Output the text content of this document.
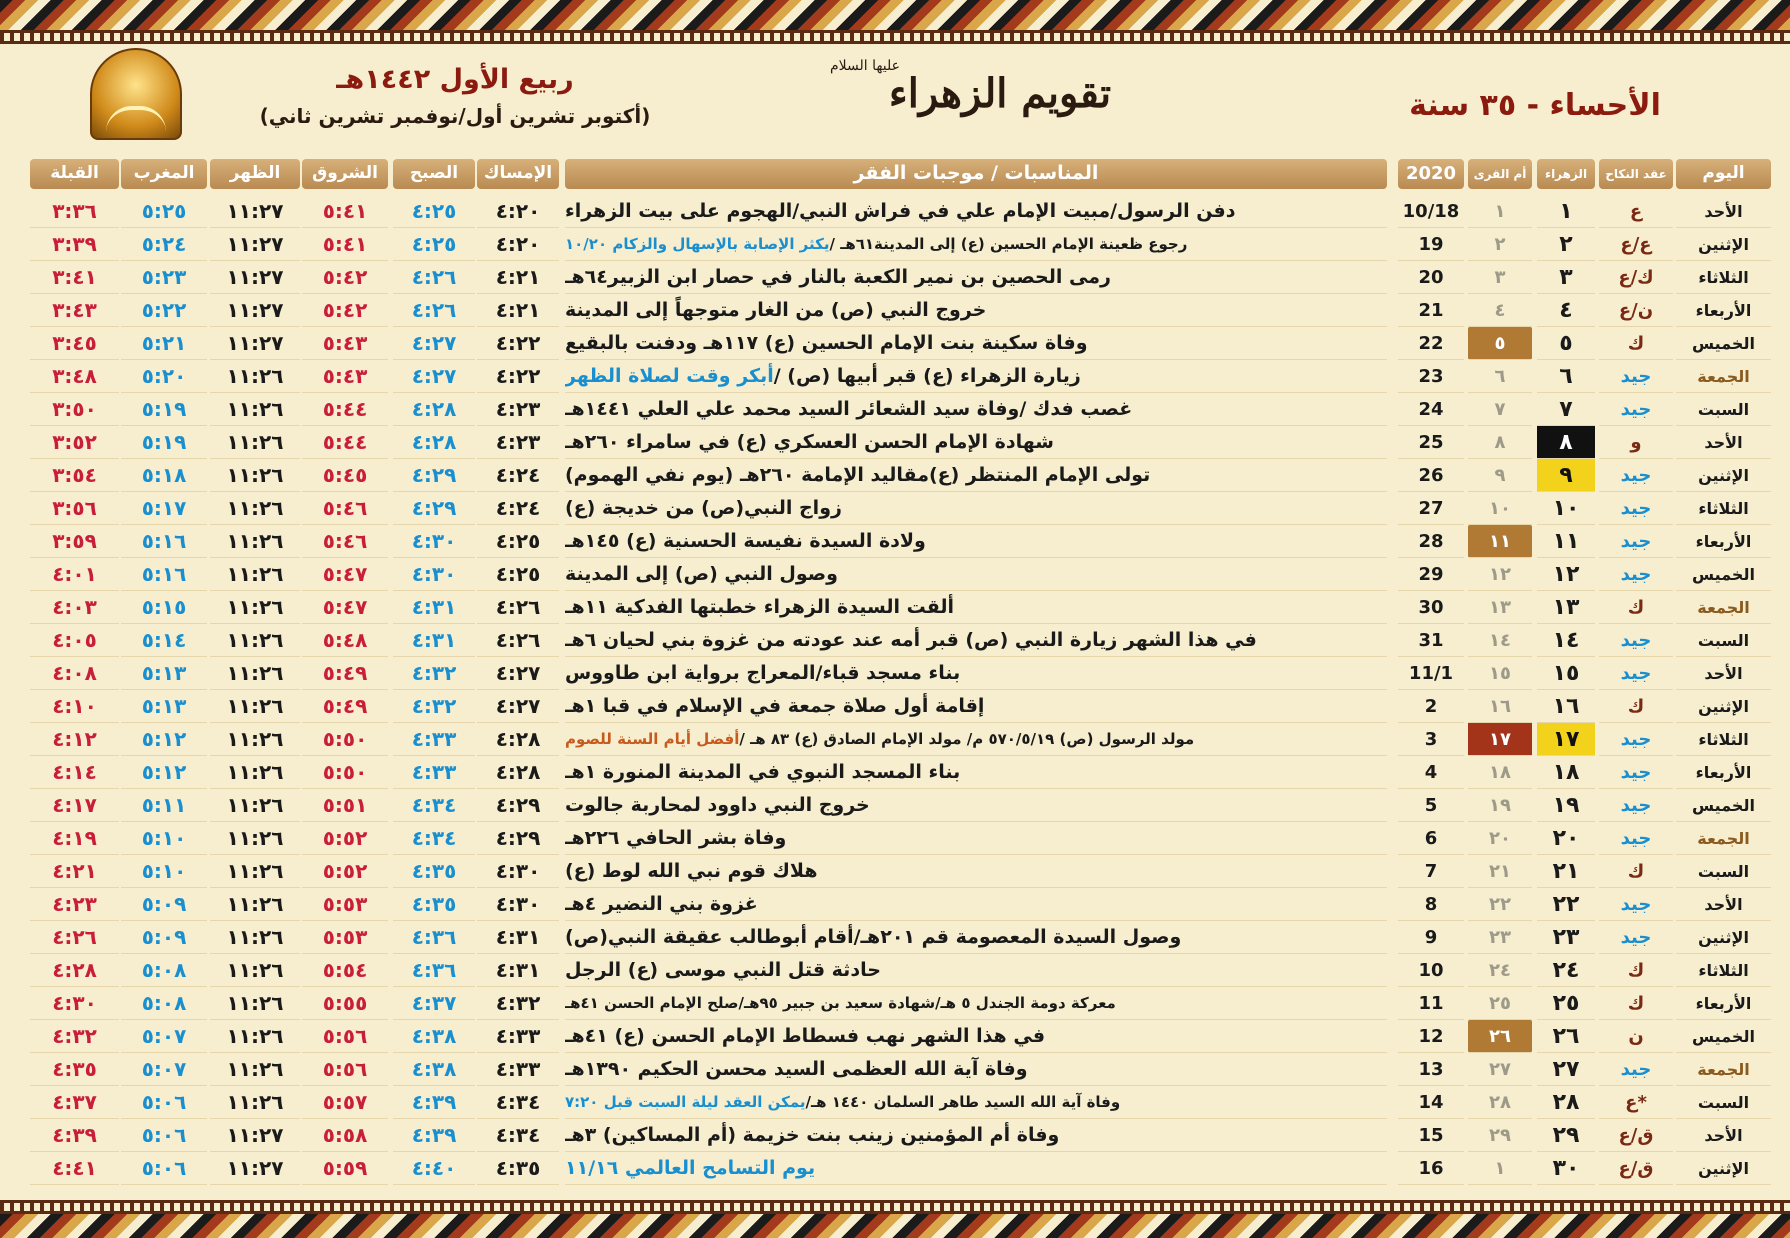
ربيع الأول ١٤٤٢هـ
(أكتوبر تشرين أول/نوفمبر تشرين ثاني)
عليها السلام
تقويم الزهراء	الأحساء - ٣٥ سنة
اليوم
عقد النكاح
الزهراء
أم القرى
2020
المناسبات / موجبات الفقر
الإمساك
الصبح
الشروق
الظهر
المغرب
القبلة
الأحد
ع
١
١
10/18
دفن الرسول/مبيت الإمام علي في فراش النبي/الهجوم على بيت الزهراء
٤:٢٠
٤:٢٥
٥:٤١
١١:٢٧
٥:٢٥
٣:٣٦
الإثنين
ع/ع
٢
٢
19
رجوع ظعينة الإمام الحسين (ع) إلى المدينة٦١هـ /
يكثر الإصابة بالإسهال والزكام ١٠/٢٠
٤:٢٠
٤:٢٥
٥:٤١
١١:٢٧
٥:٢٤
٣:٣٩
الثلاثاء
ك/ع
٣
٣
20
رمى الحصين بن نمير الكعبة بالنار في حصار ابن الزبير٦٤هـ
٤:٢١
٤:٢٦
٥:٤٢
١١:٢٧
٥:٢٣
٣:٤١
الأربعاء
ن/ع
٤
٤
21
خروج النبي (ص) من الغار متوجهاً إلى المدينة
٤:٢١
٤:٢٦
٥:٤٢
١١:٢٧
٥:٢٢
٣:٤٣
الخميس
ك
٥
٥
22
وفاة سكينة بنت الإمام الحسين (ع) ١١٧هـ ودفنت بالبقيع
٤:٢٢
٤:٢٧
٥:٤٣
١١:٢٧
٥:٢١
٣:٤٥
الجمعة
جيد
٦
٦
23
زيارة الزهراء (ع) قبر أبيها (ص) /
أبكر وقت لصلاة الظهر
٤:٢٢
٤:٢٧
٥:٤٣
١١:٢٦
٥:٢٠
٣:٤٨
السبت
جيد
٧
٧
24
غصب فدك /وفاة سيد الشعائر السيد محمد علي العلي ١٤٤١هـ
٤:٢٣
٤:٢٨
٥:٤٤
١١:٢٦
٥:١٩
٣:٥٠
الأحد
و
٨
٨
25
شهادة الإمام الحسن العسكري (ع) في سامراء ٢٦٠هـ
٤:٢٣
٤:٢٨
٥:٤٤
١١:٢٦
٥:١٩
٣:٥٢
الإثنين
جيد
٩
٩
26
تولى الإمام المنتظر (ع)مقاليد الإمامة ٢٦٠هـ (يوم نفي الهموم)
٤:٢٤
٤:٢٩
٥:٤٥
١١:٢٦
٥:١٨
٣:٥٤
الثلاثاء
جيد
١٠
١٠
27
زواج النبي(ص) من خديجة (ع)
٤:٢٤
٤:٢٩
٥:٤٦
١١:٢٦
٥:١٧
٣:٥٦
الأربعاء
جيد
١١
١١
28
ولادة السيدة نفيسة الحسنية (ع) ١٤٥هـ
٤:٢٥
٤:٣٠
٥:٤٦
١١:٢٦
٥:١٦
٣:٥٩
الخميس
جيد
١٢
١٢
29
وصول النبي (ص) إلى المدينة
٤:٢٥
٤:٣٠
٥:٤٧
١١:٢٦
٥:١٦
٤:٠١
الجمعة
ك
١٣
١٣
30
ألقت السيدة الزهراء خطبتها الفدكية ١١هـ
٤:٢٦
٤:٣١
٥:٤٧
١١:٢٦
٥:١٥
٤:٠٣
السبت
جيد
١٤
١٤
31
في هذا الشهر زيارة النبي (ص) قبر أمه عند عودته من غزوة بني لحيان ٦هـ
٤:٢٦
٤:٣١
٥:٤٨
١١:٢٦
٥:١٤
٤:٠٥
الأحد
جيد
١٥
١٥
11/1
بناء مسجد قباء/المعراج برواية ابن طاووس
٤:٢٧
٤:٣٢
٥:٤٩
١١:٢٦
٥:١٣
٤:٠٨
الإثنين
ك
١٦
١٦
2
إقامة أول صلاة جمعة في الإسلام في قبا ١هـ
٤:٢٧
٤:٣٢
٥:٤٩
١١:٢٦
٥:١٣
٤:١٠
الثلاثاء
جيد
١٧
١٧
3
مولد الرسول (ص) ٥٧٠/٥/١٩ م/ مولد الإمام الصادق (ع) ٨٣ هـ /
أفضل أيام السنة للصوم
٤:٢٨
٤:٣٣
٥:٥٠
١١:٢٦
٥:١٢
٤:١٢
الأربعاء
جيد
١٨
١٨
4
بناء المسجد النبوي في المدينة المنورة ١هـ
٤:٢٨
٤:٣٣
٥:٥٠
١١:٢٦
٥:١٢
٤:١٤
الخميس
جيد
١٩
١٩
5
خروج النبي داوود لمحاربة جالوت
٤:٢٩
٤:٣٤
٥:٥١
١١:٢٦
٥:١١
٤:١٧
الجمعة
جيد
٢٠
٢٠
6
وفاة بشر الحافي ٢٢٦هـ
٤:٢٩
٤:٣٤
٥:٥٢
١١:٢٦
٥:١٠
٤:١٩
السبت
ك
٢١
٢١
7
هلاك قوم نبي الله لوط (ع)
٤:٣٠
٤:٣٥
٥:٥٢
١١:٢٦
٥:١٠
٤:٢١
الأحد
جيد
٢٢
٢٢
8
غزوة بني النضير ٤هـ
٤:٣٠
٤:٣٥
٥:٥٣
١١:٢٦
٥:٠٩
٤:٢٣
الإثنين
جيد
٢٣
٢٣
9
وصول السيدة المعصومة قم ٢٠١هـ/أقام أبوطالب عقيقة النبي(ص)
٤:٣١
٤:٣٦
٥:٥٣
١١:٢٦
٥:٠٩
٤:٢٦
الثلاثاء
ك
٢٤
٢٤
10
حادثة قتل النبي موسى (ع) الرجل
٤:٣١
٤:٣٦
٥:٥٤
١١:٢٦
٥:٠٨
٤:٢٨
الأربعاء
ك
٢٥
٢٥
11
معركة دومة الجندل ٥ هـ/شهادة سعيد بن جبير ٩٥هـ/صلح الإمام الحسن ٤١هـ
٤:٣٢
٤:٣٧
٥:٥٥
١١:٢٦
٥:٠٨
٤:٣٠
الخميس
ن
٢٦
٢٦
12
في هذا الشهر نهب فسطاط الإمام الحسن (ع) ٤١هـ
٤:٣٣
٤:٣٨
٥:٥٦
١١:٢٦
٥:٠٧
٤:٣٢
الجمعة
جيد
٢٧
٢٧
13
وفاة آية الله العظمى السيد محسن الحكيم ١٣٩٠هـ
٤:٣٣
٤:٣٨
٥:٥٦
١١:٢٦
٥:٠٧
٤:٣٥
السبت
ع*
٢٨
٢٨
14
وفاة آية الله السيد طاهر السلمان ١٤٤٠ هـ/
يمكن العقد ليلة السبت قبل ٧:٢٠
٤:٣٤
٤:٣٩
٥:٥٧
١١:٢٦
٥:٠٦
٤:٣٧
الأحد
ق/ع
٢٩
٢٩
15
وفاة أم المؤمنين زينب بنت خزيمة (أم المساكين) ٣هـ
٤:٣٤
٤:٣٩
٥:٥٨
١١:٢٧
٥:٠٦
٤:٣٩
الإثنين
ق/ع
٣٠
١
16
يوم التسامح العالمي ١١/١٦
٤:٣٥
٤:٤٠
٥:٥٩
١١:٢٧
٥:٠٦
٤:٤١
